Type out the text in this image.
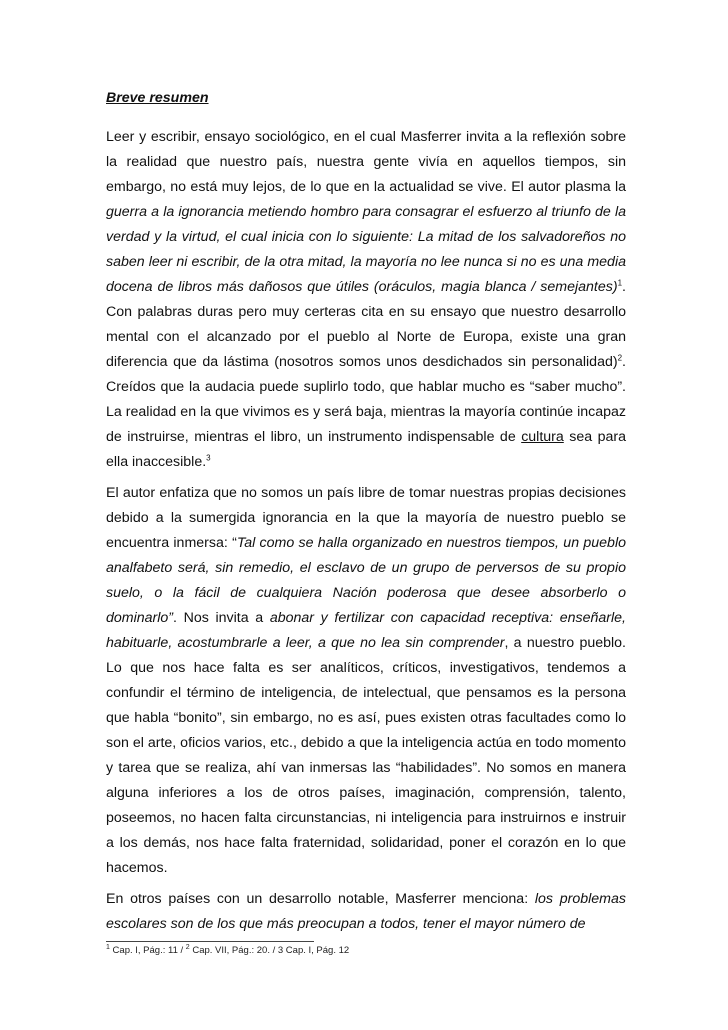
Breve resumen

Leer y escribir, ensayo sociológico, en el cual Masferrer invita a la reflexión sobre la realidad que nuestro país, nuestra gente vivía en aquellos tiempos, sin embargo, no está muy lejos, de lo que en la actualidad se vive. El autor plasma la guerra a la ignorancia metiendo hombro para consagrar el esfuerzo al triunfo de la verdad y la virtud, el cual inicia con lo siguiente: La mitad de los salvadoreños no saben leer ni escribir, de la otra mitad, la mayoría no lee nunca si no es una media docena de libros más dañosos que útiles (oráculos, magia blanca / semejantes)$^1$. Con palabras duras pero muy certeras cita en su ensayo que nuestro desarrollo mental con el alcanzado por el pueblo al Norte de Europa, existe una gran diferencia que da lástima (nosotros somos unos desdichados sin personalidad)$^2$. Creídos que la audacia puede suplirlo todo, que hablar mucho es “saber mucho”. La realidad en la que vivimos es y será baja, mientras la mayoría continúe incapaz de instruirse, mientras el libro, un instrumento indispensable de cultura sea para ella inaccesible.$^3$

El autor enfatiza que no somos un país libre de tomar nuestras propias decisiones debido a la sumergida ignorancia en la que la mayoría de nuestro pueblo se encuentra inmersa: “Tal como se halla organizado en nuestros tiempos, un pueblo analfabeto será, sin remedio, el esclavo de un grupo de perversos de su propio suelo, o la fácil de cualquiera Nación poderosa que desee absorberlo o dominarlo”. Nos invita a abonar y fertilizar con capacidad receptiva: enseñarle, habituarle, acostumbrarle a leer, a que no lea sin comprender, a nuestro pueblo. Lo que nos hace falta es ser analíticos, críticos, investigativos, tendemos a confundir el término de inteligencia, de intelectual, que pensamos es la persona que habla “bonito”, sin embargo, no es así, pues existen otras facultades como lo son el arte, oficios varios, etc., debido a que la inteligencia actúa en todo momento y tarea que se realiza, ahí van inmersas las “habilidades”. No somos en manera alguna inferiores a los de otros países, imaginación, comprensión, talento, poseemos, no hacen falta circunstancias, ni inteligencia para instruirnos e instruir a los demás, nos hace falta fraternidad, solidaridad, poner el corazón en lo que hacemos.

En otros países con un desarrollo notable, Masferrer menciona: los problemas escolares son de los que más preocupan a todos, tener el mayor número de

$^1$ Cap. I, Pág.: 11 / $^2$ Cap. VII, Pág.: 20. / 3 Cap. I, Pág. 12
